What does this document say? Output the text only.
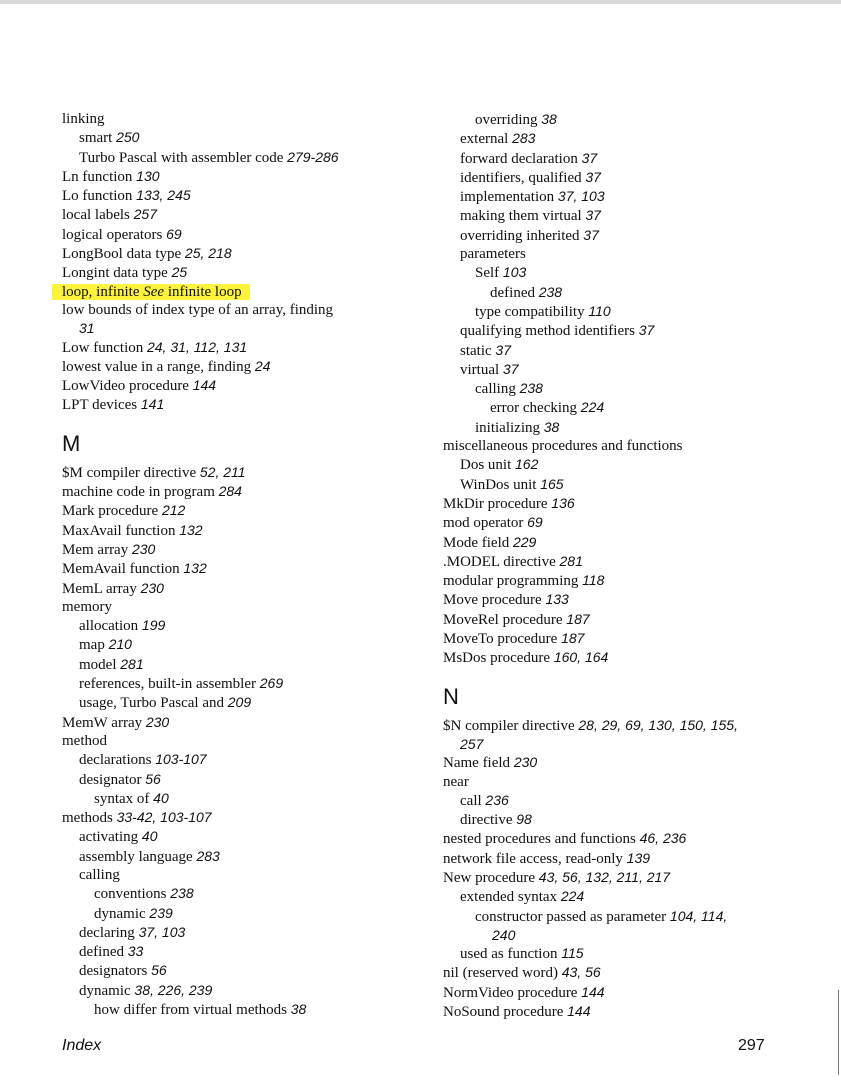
linking
smart 250
Turbo Pascal with assembler code 279-286
Ln function 130
Lo function 133, 245
local labels 257
logical operators 69
LongBool data type 25, 218
Longint data type 25
loop, infinite See infinite loop
low bounds of index type of an array, finding
31
Low function 24, 31, 112, 131
lowest value in a range, finding 24
LowVideo procedure 144
LPT devices 141
M
$M compiler directive 52, 211
machine code in program 284
Mark procedure 212
MaxAvail function 132
Mem array 230
MemAvail function 132
MemL array 230
memory
allocation 199
map 210
model 281
references, built-in assembler 269
usage, Turbo Pascal and 209
MemW array 230
method
declarations 103-107
designator 56
syntax of 40
methods 33-42, 103-107
activating 40
assembly language 283
calling
conventions 238
dynamic 239
declaring 37, 103
defined 33
designators 56
dynamic 38, 226, 239
how differ from virtual methods 38
overriding 38
external 283
forward declaration 37
identifiers, qualified 37
implementation 37, 103
making them virtual 37
overriding inherited 37
parameters
Self 103
defined 238
type compatibility 110
qualifying method identifiers 37
static 37
virtual 37
calling 238
error checking 224
initializing 38
miscellaneous procedures and functions
Dos unit 162
WinDos unit 165
MkDir procedure 136
mod operator 69
Mode field 229
.MODEL directive 281
modular programming 118
Move procedure 133
MoveRel procedure 187
MoveTo procedure 187
MsDos procedure 160, 164
N
$N compiler directive 28, 29, 69, 130, 150, 155,
257
Name field 230
near
call 236
directive 98
nested procedures and functions 46, 236
network file access, read-only 139
New procedure 43, 56, 132, 211, 217
extended syntax 224
constructor passed as parameter 104, 114,
240
used as function 115
nil (reserved word) 43, 56
NormVideo procedure 144
NoSound procedure 144
Index	297
